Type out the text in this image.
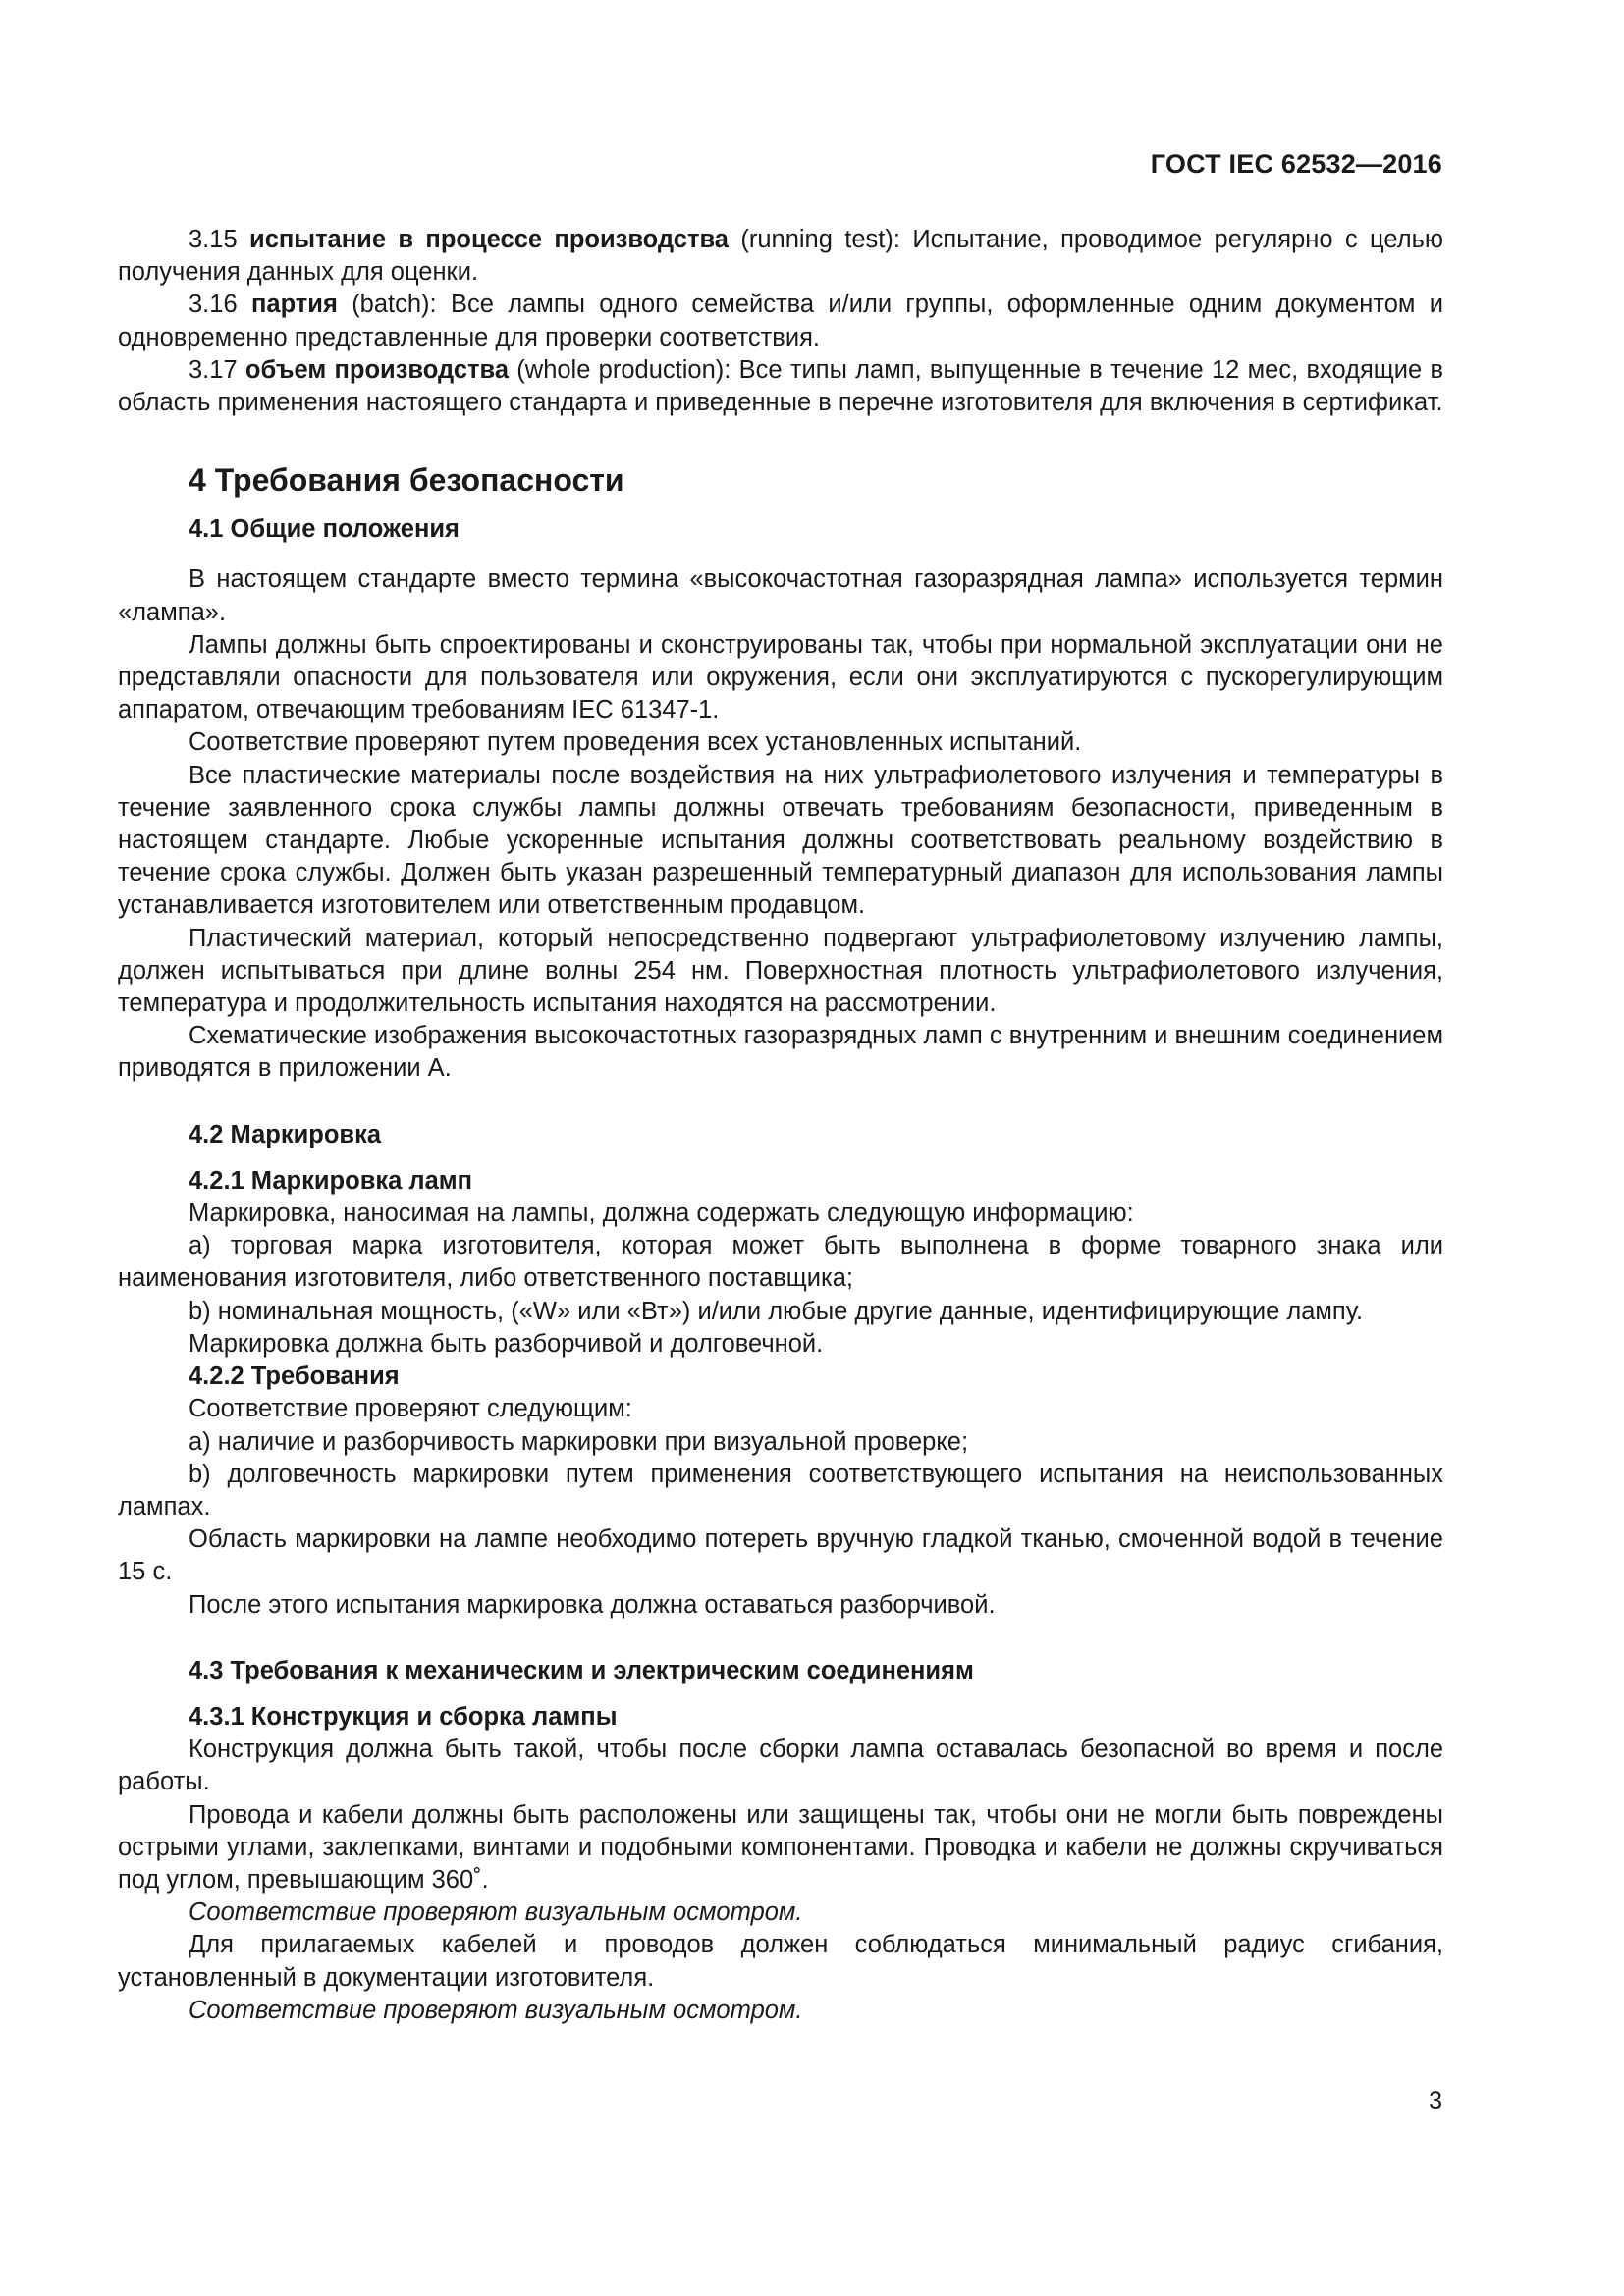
ГОСТ IEC 62532—2016

3.15 испытание в процессе производства (running test): Испытание, проводимое регулярно с целью получения данных для оценки.

3.16 партия (batch): Все лампы одного семейства и/или группы, оформленные одним документом и одновременно представленные для проверки соответствия.

3.17 объем производства (whole production): Все типы ламп, выпущенные в течение 12 мес, входящие в область применения настоящего стандарта и приведенные в перечне изготовителя для включения в сертификат.

4 Требования безопасности
4.1 Общие положения

В настоящем стандарте вместо термина «высокочастотная газоразрядная лампа» используется термин «лампа».

Лампы должны быть спроектированы и сконструированы так, чтобы при нормальной эксплуатации они не представляли опасности для пользователя или окружения, если они эксплуатируются с пускорегулирующим аппаратом, отвечающим требованиям IEC 61347-1.

Соответствие проверяют путем проведения всех установленных испытаний.

Все пластические материалы после воздействия на них ультрафиолетового излучения и температуры в течение заявленного срока службы лампы должны отвечать требованиям безопасности, приведенным в настоящем стандарте. Любые ускоренные испытания должны соответствовать реальному воздействию в течение срока службы. Должен быть указан разрешенный температурный диапазон для использования лампы устанавливается изготовителем или ответственным продавцом.

Пластический материал, который непосредственно подвергают ультрафиолетовому излучению лампы, должен испытываться при длине волны 254 нм. Поверхностная плотность ультрафиолетового излучения, температура и продолжительность испытания находятся на рассмотрении.

Схематические изображения высокочастотных газоразрядных ламп с внутренним и внешним соединением приводятся в приложении А.

4.2 Маркировка
4.2.1 Маркировка ламп

Маркировка, наносимая на лампы, должна содержать следующую информацию:

а) торговая марка изготовителя, которая может быть выполнена в форме товарного знака или наименования изготовителя, либо ответственного поставщика;

b) номинальная мощность, («W» или «Вт») и/или любые другие данные, идентифицирующие лампу.

Маркировка должна быть разборчивой и долговечной.

4.2.2 Требования

Соответствие проверяют следующим:

а) наличие и разборчивость маркировки при визуальной проверке;

b) долговечность маркировки путем применения соответствующего испытания на неиспользованных лампах.

Область маркировки на лампе необходимо потереть вручную гладкой тканью, смоченной водой в течение 15 с.

После этого испытания маркировка должна оставаться разборчивой.

4.3 Требования к механическим и электрическим соединениям
4.3.1 Конструкция и сборка лампы

Конструкция должна быть такой, чтобы после сборки лампа оставалась безопасной во время и после работы.

Провода и кабели должны быть расположены или защищены так, чтобы они не могли быть повреждены острыми углами, заклепками, винтами и подобными компонентами. Проводка и кабели не должны скручиваться под углом, превышающим 360˚.

Соответствие проверяют визуальным осмотром.

Для прилагаемых кабелей и проводов должен соблюдаться минимальный радиус сгибания, установленный в документации изготовителя.

Соответствие проверяют визуальным осмотром.

3
